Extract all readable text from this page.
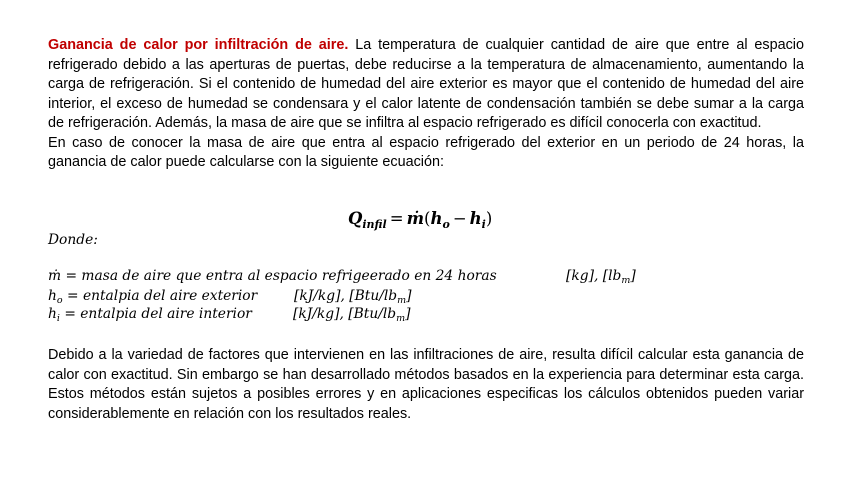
Ganancia de calor por infiltración de aire. La temperatura de cualquier cantidad de aire que entre al espacio refrigerado debido a las aperturas de puertas, debe reducirse a la temperatura de almacenamiento, aumentando la carga de refrigeración. Si el contenido de humedad del aire exterior es mayor que el contenido de humedad del aire interior, el exceso de humedad se condensara y el calor latente de condensación también se debe sumar a la carga de refrigeración. Además, la masa de aire que se infiltra al espacio refrigerado es difícil conocerla con exactitud.

En caso de conocer la masa de aire que entra al espacio refrigerado del exterior en un periodo de 24 horas, la ganancia de calor puede calcularse con la siguiente ecuación:

$Q_{infil}$ = $ṁ(h_o - h_i)$
Donde:
ṁ = masa de aire que entra al espacio refrigeerado en 24 horas	[kg], $[lb_m]$
$h_o$ = entalpia del aire exterior	[kJ/kg], $[Btu/lb_m]$
$h_i$ = entalpia del aire interior	[kJ/kg], $[Btu/lb_m]$

Debido a la variedad de factores que intervienen en las infiltraciones de aire, resulta difícil calcular esta ganancia de calor con exactitud. Sin embargo se han desarrollado métodos basados en la experiencia para determinar esta carga. Estos métodos están sujetos a posibles errores y en aplicaciones especificas los cálculos obtenidos pueden variar considerablemente en relación con los resultados reales.
